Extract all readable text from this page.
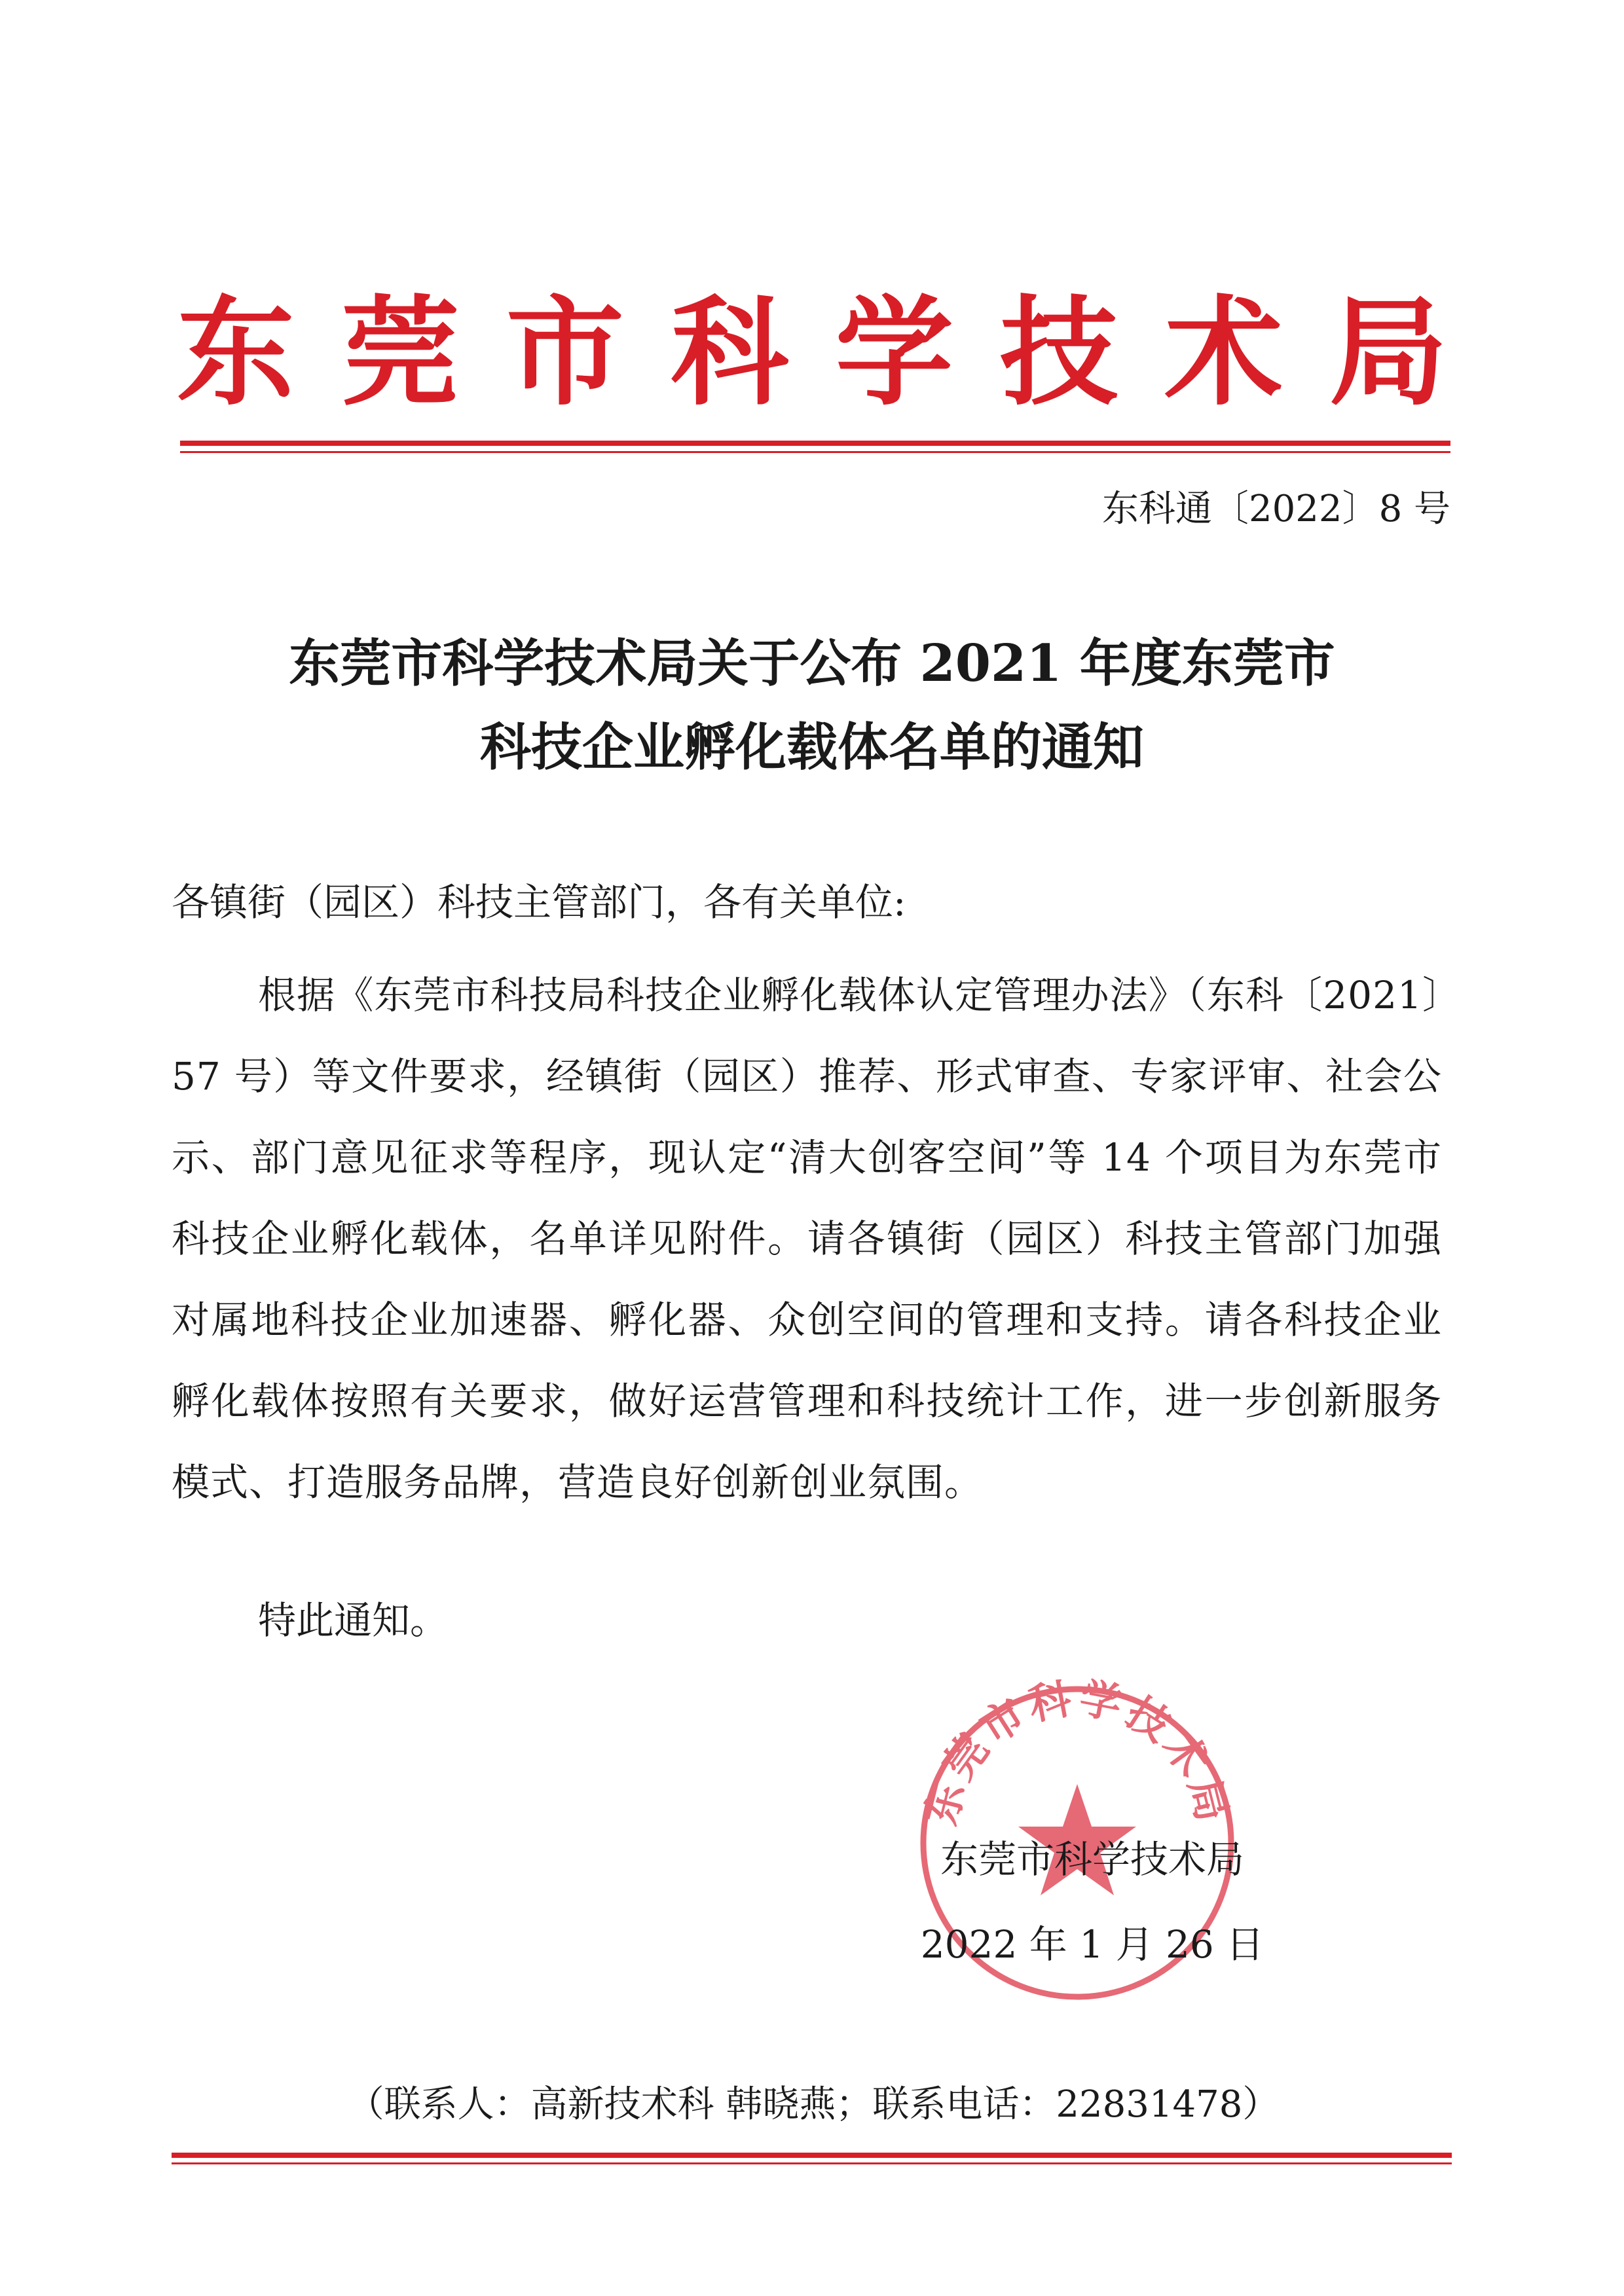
东 莞 市 科 学 技 术 局
东科通〔2022〕8 号
东莞市科学技术局关于公布 2021 年度东莞市
科技企业孵化载体名单的通知
各镇街（园区）科技主管部门，各有关单位:
根据《东莞市科技局科技企业孵化载体认定管理办法》（东科〔2021〕57 号）等文件要求，经镇街（园区）推荐、形式审查、专家评审、社会公示、部门意见征求等程序，现认定“清大创客空间”等 14 个项目为东莞市科技企业孵化载体，名单详见附件。请各镇街（园区）科技主管部门加强对属地科技企业加速器、孵化器、众创空间的管理和支持。请各科技企业孵化载体按照有关要求，做好运营管理和科技统计工作，进一步创新服务模式、打造服务品牌，营造良好创新创业氛围。
特此通知。
东莞市科学技术局
东莞市科学技术局
2022 年 1 月 26 日
（联系人：高新技术科 韩晓燕；联系电话：22831478）
